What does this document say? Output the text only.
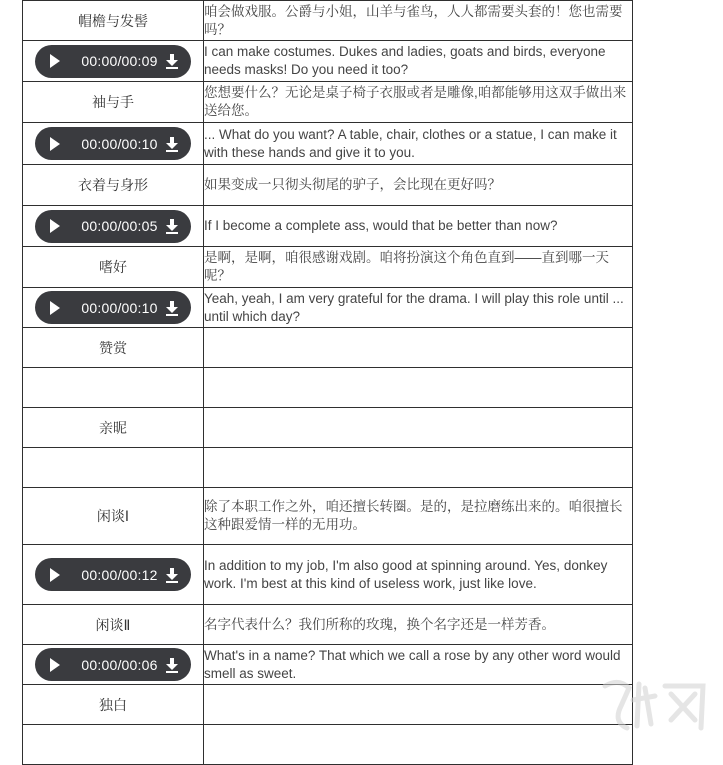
帽檐与发髻	咱会做戏服。公爵与小姐，山羊与雀鸟，人人都需要头套的！您也需要吗？

00:00/00:09	I can make costumes. Dukes and ladies, goats and birds, everyone needs masks! Do you need it too?
袖与手	您想要什么？无论是桌子椅子衣服或者是雕像,咱都能够用这双手做出来送给您。

00:00/00:10	... What do you want? A table, chair, clothes or a statue, I can make it with these hands and give it to you.
衣着与身形	如果变成一只彻头彻尾的驴子，会比现在更好吗？

00:00/00:05	If I become a complete ass, would that be better than now?
嗜好	是啊，是啊，咱很感谢戏剧。咱将扮演这个角色直到——直到哪一天呢？

00:00/00:10	Yeah, yeah, I am very grateful for the drama. I will play this role until ... until which day?
赞赏	

亲昵	

闲谈Ⅰ	除了本职工作之外，咱还擅长转圈。是的，是拉磨练出来的。咱很擅长这种跟爱情一样的无用功。

00:00/00:12	In addition to my job, I'm also good at spinning around. Yes, donkey work. I'm best at this kind of useless work, just like love.
闲谈Ⅱ	名字代表什么？我们所称的玫瑰，换个名字还是一样芳香。

00:00/00:06	What's in a name? That which we call a rose by any other word would smell as sweet.
独白	
